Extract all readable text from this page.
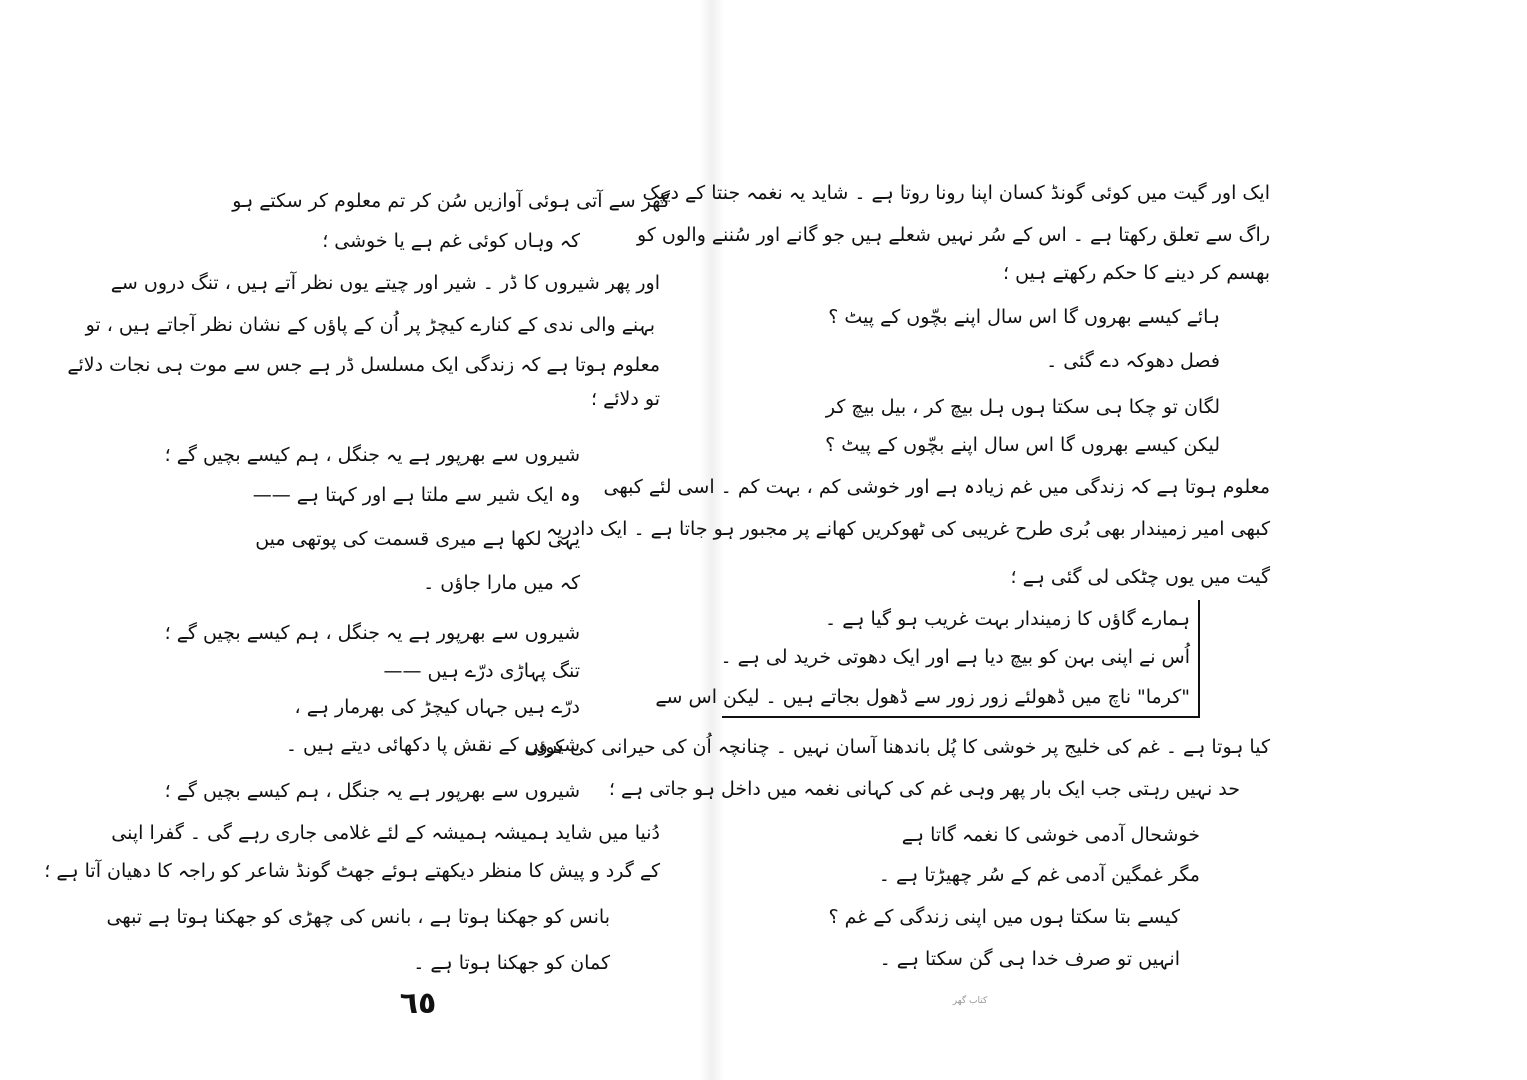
گھر سے آتی ہوئی آوازیں سُن کر تم معلوم کر سکتے ہو
کہ وہاں کوئی غم ہے یا خوشی ؛
اور پھر شیروں کا ڈر ۔ شیر اور چیتے یوں نظر آتے ہیں ، تنگ دروں سے
بہنے والی ندی کے کنارے کیچڑ پر اُن کے پاؤں کے نشان نظر آجاتے ہیں ، تو
معلوم ہوتا ہے کہ زندگی ایک مسلسل ڈر ہے جس سے موت ہی نجات دلائے
تو دلائے ؛
شیروں سے بھرپور ہے یہ جنگل ، ہم کیسے بچیں گے ؛
وہ ایک شیر سے ملتا ہے اور کہتا ہے ——
یہی لکھا ہے میری قسمت کی پوتھی میں
کہ میں مارا جاؤں ۔
شیروں سے بھرپور ہے یہ جنگل ، ہم کیسے بچیں گے ؛
تنگ پہاڑی درّے ہیں ——
درّے ہیں جہاں کیچڑ کی بھرمار ہے ،
شیروں کے نقش پا دکھائی دیتے ہیں ۔
شیروں سے بھرپور ہے یہ جنگل ، ہم کیسے بچیں گے ؛
دُنیا میں شاید ہمیشہ ہمیشہ کے لئے غلامی جاری رہے گی ۔ گفرا اپنی
کے گرد و پیش کا منظر دیکھتے ہوئے جھٹ گونڈ شاعر کو راجہ کا دھیان آتا ہے ؛
بانس کو جھکنا ہوتا ہے ، بانس کی چھڑی کو جھکنا ہوتا ہے تبھی
کمان کو جھکنا ہوتا ہے ۔
٦٥
ایک اور گیت میں کوئی گونڈ کسان اپنا رونا روتا ہے ۔ شاید یہ نغمہ جنتا کے دیپک
راگ سے تعلق رکھتا ہے ۔ اس کے سُر نہیں شعلے ہیں جو گانے اور سُننے والوں کو
بھسم کر دینے کا حکم رکھتے ہیں ؛
ہائے کیسے بھروں گا اس سال اپنے بچّوں کے پیٹ ؟
فصل دھوکہ دے گئی ۔
لگان تو چکا ہی سکتا ہوں ہل بیچ کر ، بیل بیچ کر
لیکن کیسے بھروں گا اس سال اپنے بچّوں کے پیٹ ؟
معلوم ہوتا ہے کہ زندگی میں غم زیادہ ہے اور خوشی کم ، بہت کم ۔ اسی لئے کبھی
کبھی امیر زمیندار بھی بُری طرح غریبی کی ٹھوکریں کھانے پر مجبور ہو جاتا ہے ۔ ایک دادریہ
گیت میں یوں چٹکی لی گئی ہے ؛
ہمارے گاؤں کا زمیندار بہت غریب ہو گیا ہے ۔
اُس نے اپنی بہن کو بیچ دیا ہے اور ایک دھوتی خرید لی ہے ۔
"کرما" ناچ میں ڈھولئے زور زور سے ڈھول بجاتے ہیں ۔ لیکن اس سے
کیا ہوتا ہے ۔ غم کی خلیج پر خوشی کا پُل باندھنا آسان نہیں ۔ چنانچہ اُن کی حیرانی کی کوئی
حد نہیں رہتی جب ایک بار پھر وہی غم کی کہانی نغمہ میں داخل ہو جاتی ہے ؛
خوشحال آدمی خوشی کا نغمہ گاتا ہے
مگر غمگین آدمی غم کے سُر چھیڑتا ہے ۔
کیسے بتا سکتا ہوں میں اپنی زندگی کے غم ؟
انہیں تو صرف خدا ہی گن سکتا ہے ۔
کتاب گھر
